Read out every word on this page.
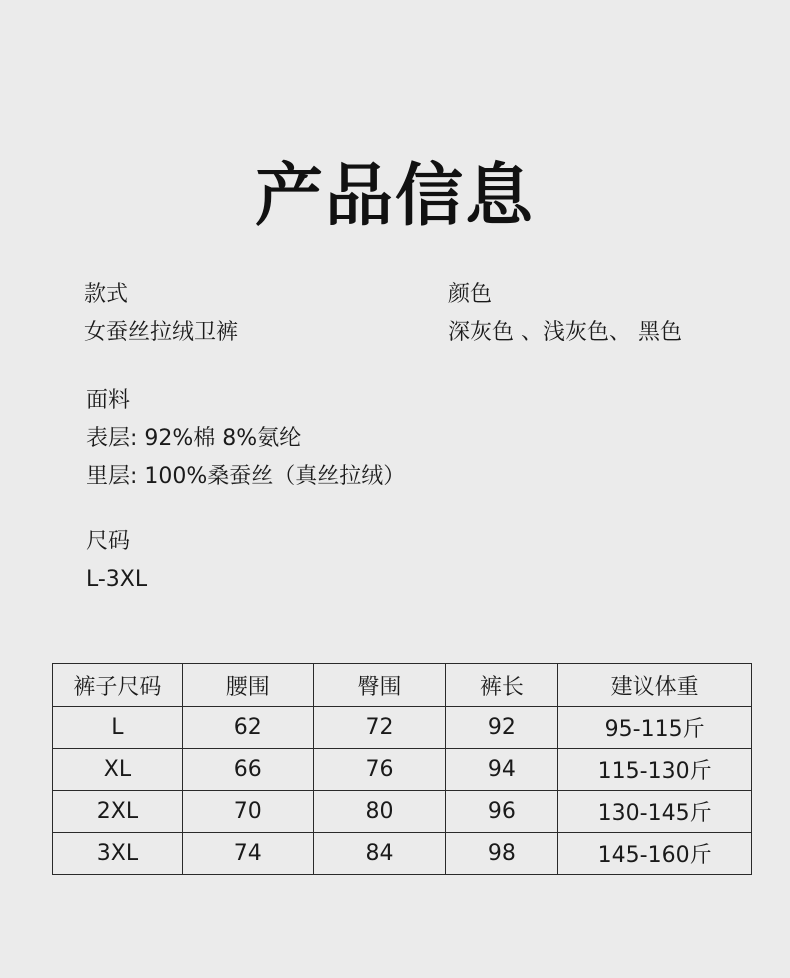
产品信息
款式
女蚕丝拉绒卫裤
颜色
深灰色 、浅灰色、 黑色
面料
表层: 92%棉 8%氨纶
里层: 100%桑蚕丝（真丝拉绒）
尺码
L-3XL
裤子尺码	腰围	臀围	裤长	建议体重
L	62	72	92	95-115斤
XL	66	76	94	115-130斤
2XL	70	80	96	130-145斤
3XL	74	84	98	145-160斤
